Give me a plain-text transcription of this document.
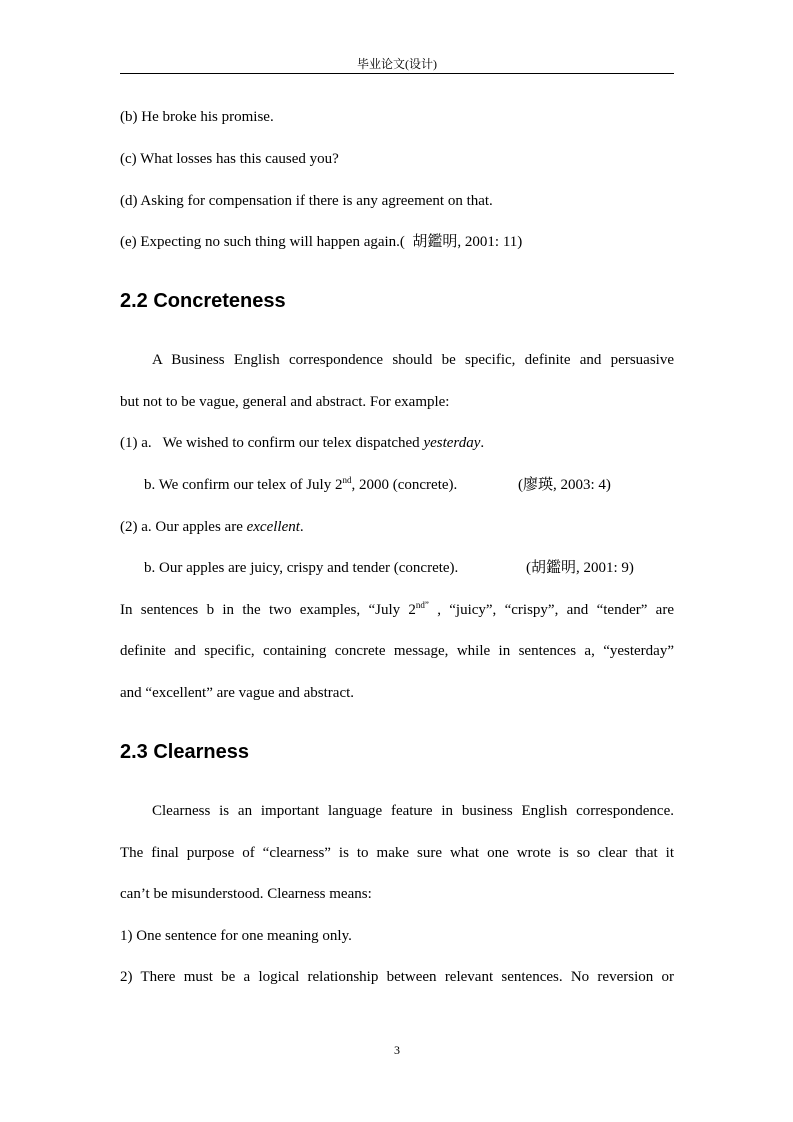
毕业论文(设计)
(b) He broke his promise.
(c) What losses has this caused you?
(d) Asking for compensation if there is any agreement on that.
(e) Expecting no such thing will happen again.(  胡鑑明, 2001: 11)
2.2 Concreteness
A Business English correspondence should be specific, definite and persuasive
but not to be vague, general and abstract. For example:
(1) a.   We wished to confirm our telex dispatched yesterday.
b. We confirm our telex of July 2nd, 2000 (concrete).	(廖瑛, 2003: 4)
(2) a. Our apples are excellent.
b. Our apples are juicy, crispy and tender (concrete).	(胡鑑明, 2001: 9)
In sentences b in the two examples, “July $2^{nd”}$ , “juicy”, “crispy”, and “tender” are
definite and specific, containing concrete message, while in sentences a, “yesterday”
and “excellent” are vague and abstract.
2.3 Clearness
Clearness is an important language feature in business English correspondence.
The final purpose of “clearness” is to make sure what one wrote is so clear that it
can’t be misunderstood. Clearness means:
1) One sentence for one meaning only.
2) There must be a logical relationship between relevant sentences. No reversion or
3
